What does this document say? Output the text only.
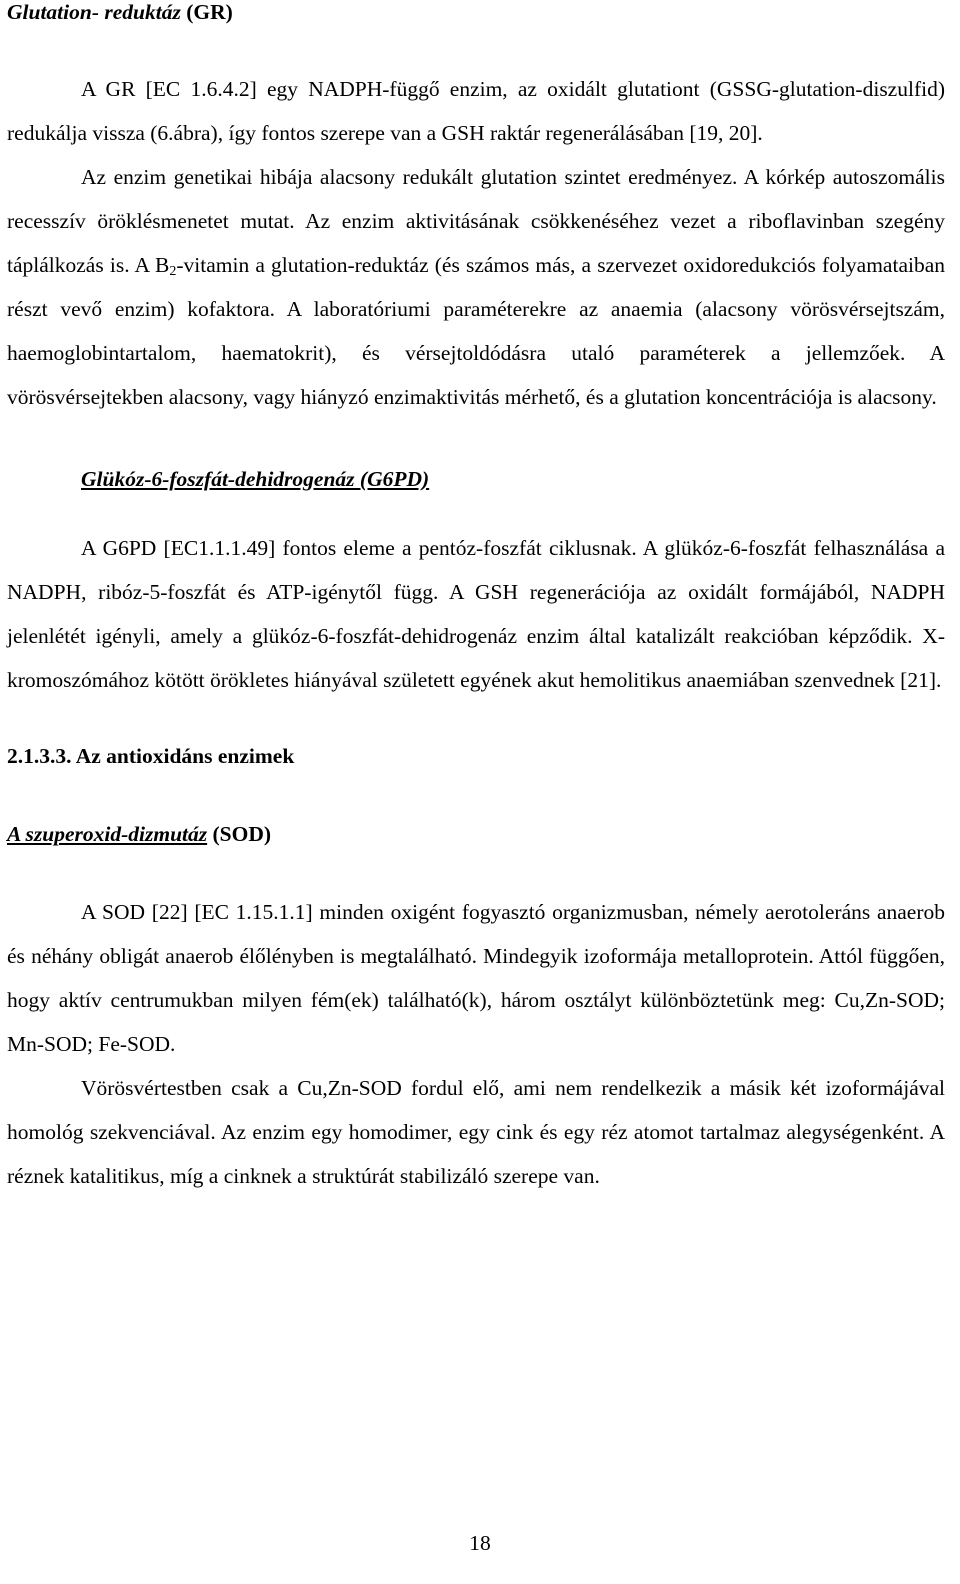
Glutation- reduktáz (GR)

A GR [EC 1.6.4.2] egy NADPH-függő enzim, az oxidált glutationt (GSSG-glutation-diszulfid) redukálja vissza (6.ábra), így fontos szerepe van a GSH raktár regenerálásában [19, 20].

Az enzim genetikai hibája alacsony redukált glutation szintet eredményez. A kórkép autoszomális recesszív öröklésmenetet mutat. Az enzim aktivitásának csökkenéséhez vezet a riboflavinban szegény táplálkozás is. A $B_2$-vitamin a glutation-reduktáz (és számos más, a szervezet oxidoredukciós folyamataiban részt vevő enzim) kofaktora. A laboratóriumi paraméterekre az anaemia (alacsony vörösvérsejtszám, haemoglobintartalom, haematokrit), és vérsejtoldódásra utaló paraméterek a jellemzőek. A vörösvérsejtekben alacsony, vagy hiányzó enzimaktivitás mérhető, és a glutation koncentrációja is alacsony.

Glükóz-6-foszfát-dehidrogenáz (G6PD)

A G6PD [EC1.1.1.49] fontos eleme a pentóz-foszfát ciklusnak. A glükóz-6-foszfát felhasználása a NADPH, ribóz-5-foszfát és ATP-igénytől függ. A GSH regenerációja az oxidált formájából, NADPH jelenlétét igényli, amely a glükóz-6-foszfát-dehidrogenáz enzim által katalizált reakcióban képződik. X-kromoszómához kötött örökletes hiányával született egyének akut hemolitikus anaemiában szenvednek [21].

2.1.3.3. Az antioxidáns enzimek

A szuperoxid-dizmutáz (SOD)

A SOD [22] [EC 1.15.1.1] minden oxigént fogyasztó organizmusban, némely aerotoleráns anaerob és néhány obligát anaerob élőlényben is megtalálható. Mindegyik izoformája metalloprotein. Attól függően, hogy aktív centrumukban milyen fém(ek) található(k), három osztályt különböztetünk meg: Cu,Zn-SOD; Mn-SOD; Fe-SOD.

Vörösvértestben csak a Cu,Zn-SOD fordul elő, ami nem rendelkezik a másik két izoformájával homológ szekvenciával. Az enzim egy homodimer, egy cink és egy réz atomot tartalmaz alegységenként. A réznek katalitikus, míg a cinknek a struktúrát stabilizáló szerepe van.

18
